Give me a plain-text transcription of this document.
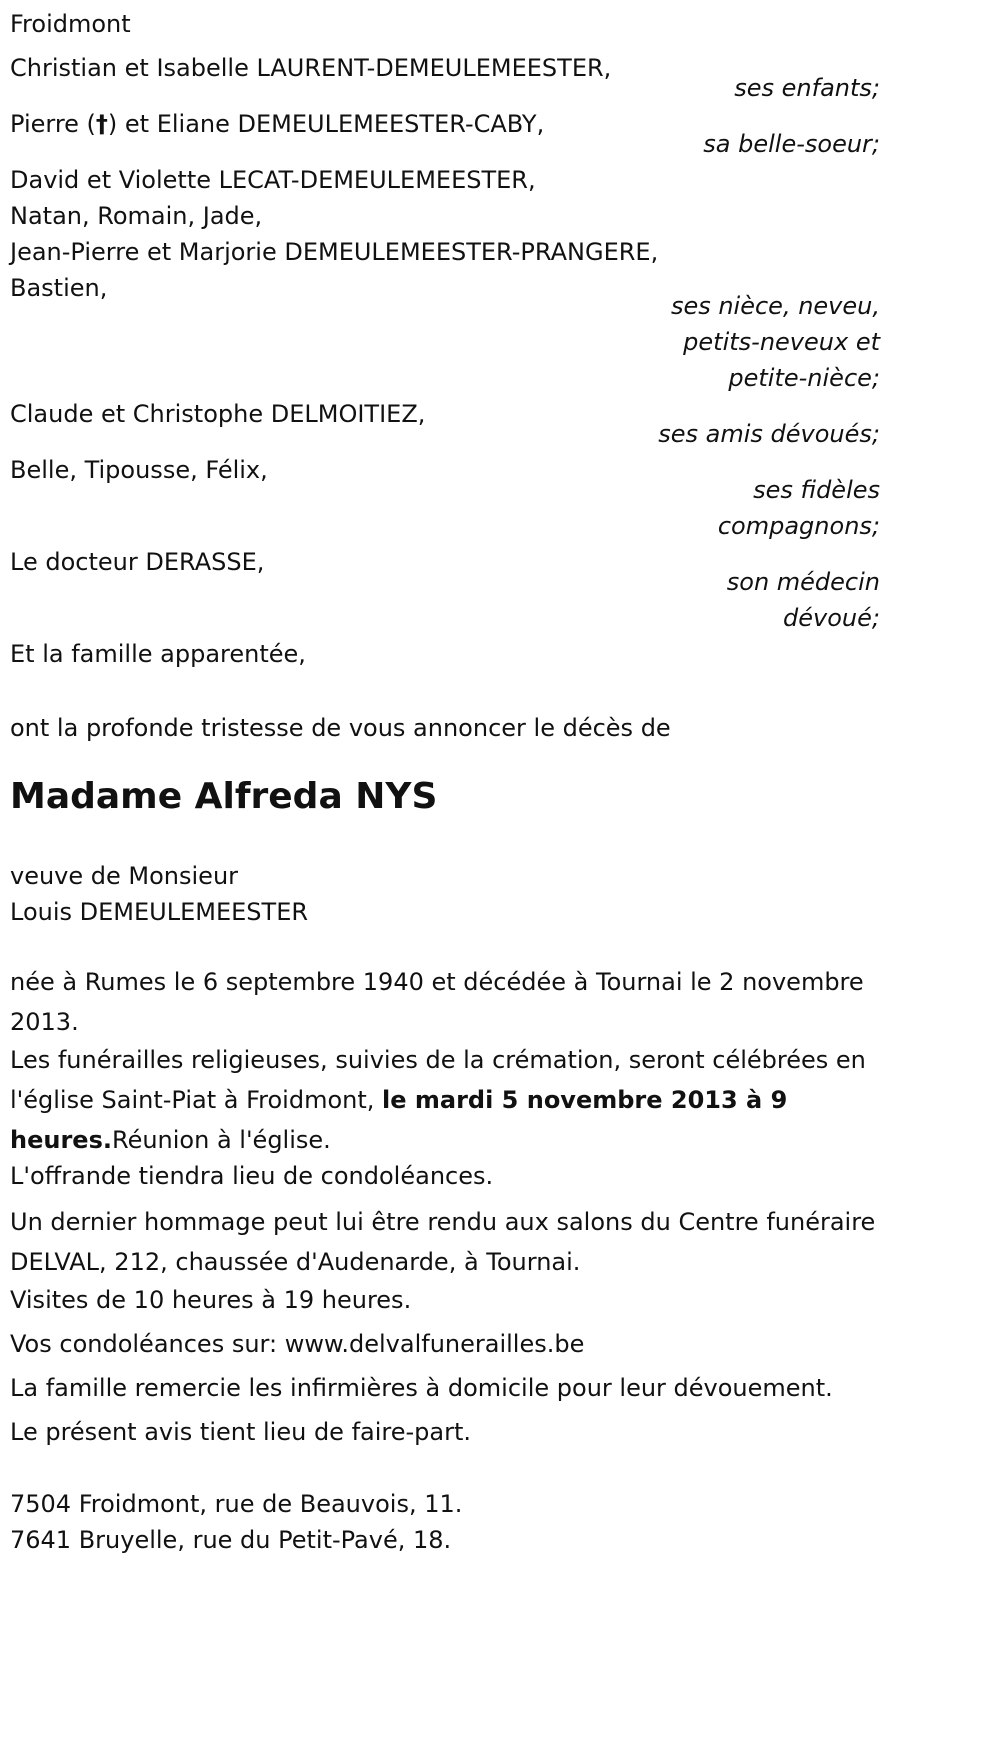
Froidmont
Christian et Isabelle LAURENT-DEMEULEMEESTER,
ses enfants;
Pierre (†) et Eliane DEMEULEMEESTER-CABY,
sa belle-soeur;
David et Violette LECAT-DEMEULEMEESTER,
Natan, Romain, Jade,
Jean-Pierre et Marjorie DEMEULEMEESTER-PRANGERE,
Bastien,
ses nièce, neveu,
petits-neveux et
petite-nièce;
Claude et Christophe DELMOITIEZ,
ses amis dévoués;
Belle, Tipousse, Félix,
ses fidèles
compagnons;
Le docteur DERASSE,
son médecin
dévoué;
Et la famille apparentée,
ont la profonde tristesse de vous annoncer le décès de
Madame Alfreda NYS
veuve de Monsieur
Louis DEMEULEMEESTER

née à Rumes le 6 septembre 1940 et décédée à Tournai le 2 novembre 2013.

Les funérailles religieuses, suivies de la crémation, seront célébrées en l'église Saint-Piat à Froidmont, le mardi 5 novembre 2013 à 9 heures.Réunion à l'église.

L'offrande tiendra lieu de condoléances.

Un dernier hommage peut lui être rendu aux salons du Centre funéraire DELVAL, 212, chaussée d'Audenarde, à Tournai.

Visites de 10 heures à 19 heures.

Vos condoléances sur: www.delvalfunerailles.be

La famille remercie les infirmières à domicile pour leur dévouement.

Le présent avis tient lieu de faire-part.

7504 Froidmont, rue de Beauvois, 11.
7641 Bruyelle, rue du Petit-Pavé, 18.
